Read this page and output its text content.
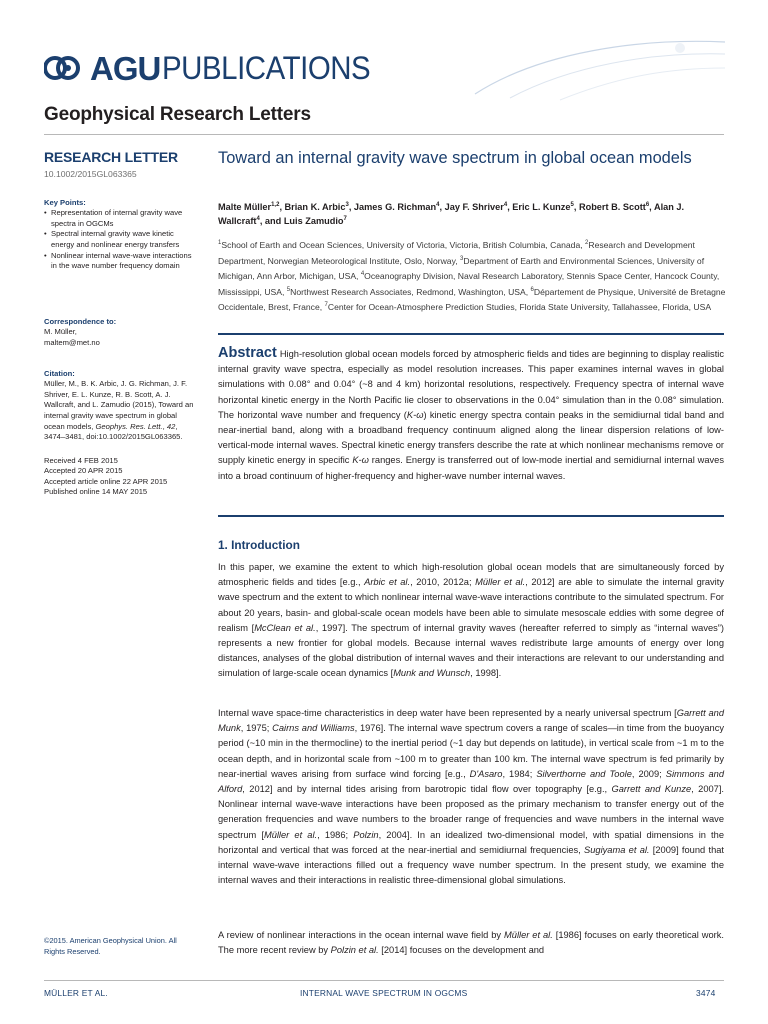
AGU PUBLICATIONS
Geophysical Research Letters
RESEARCH LETTER
10.1002/2015GL063365
Key Points:
• Representation of internal gravity wave spectra in OGCMs
• Spectral internal gravity wave kinetic energy and nonlinear energy transfers
• Nonlinear internal wave-wave interactions in the wave number frequency domain
Correspondence to:
M. Müller,
maltem@met.no
Citation:
Müller, M., B. K. Arbic, J. G. Richman, J. F. Shriver, E. L. Kunze, R. B. Scott, A. J. Wallcraft, and L. Zamudio (2015), Toward an internal gravity wave spectrum in global ocean models, Geophys. Res. Lett., 42, 3474–3481, doi:10.1002/2015GL063365.
Received 4 FEB 2015
Accepted 20 APR 2015
Accepted article online 22 APR 2015
Published online 14 MAY 2015
©2015. American Geophysical Union. All Rights Reserved.
Toward an internal gravity wave spectrum in global ocean models
Malte Müller$^{1,2}$, Brian K. Arbic$^3$, James G. Richman$^4$, Jay F. Shriver$^4$, Eric L. Kunze$^5$, Robert B. Scott$^6$, Alan J. Wallcraft$^4$, and Luis Zamudio$^7$
$^1$School of Earth and Ocean Sciences, University of Victoria, Victoria, British Columbia, Canada, $^2$Research and Development Department, Norwegian Meteorological Institute, Oslo, Norway, $^3$Department of Earth and Environmental Sciences, University of Michigan, Ann Arbor, Michigan, USA, $^4$Oceanography Division, Naval Research Laboratory, Stennis Space Center, Hancock County, Mississippi, USA, $^5$Northwest Research Associates, Redmond, Washington, USA, $^6$Département de Physique, Université de Bretagne Occidentale, Brest, France, $^7$Center for Ocean-Atmosphere Prediction Studies, Florida State University, Tallahassee, Florida, USA
Abstract High-resolution global ocean models forced by atmospheric fields and tides are beginning to display realistic internal gravity wave spectra, especially as model resolution increases. This paper examines internal waves in global simulations with 0.08° and 0.04° (~8 and 4 km) horizontal resolutions, respectively. Frequency spectra of internal wave horizontal kinetic energy in the North Pacific lie closer to observations in the 0.04° simulation than in the 0.08° simulation. The horizontal wave number and frequency (K-ω) kinetic energy spectra contain peaks in the semidiurnal tidal band and near-inertial band, along with a broadband frequency continuum aligned along the linear dispersion relations of low-vertical-mode internal waves. Spectral kinetic energy transfers describe the rate at which nonlinear mechanisms remove or supply kinetic energy in specific K-ω ranges. Energy is transferred out of low-mode inertial and semidiurnal internal waves into a broad continuum of higher-frequency and higher-wave number internal waves.
1. Introduction

In this paper, we examine the extent to which high-resolution global ocean models that are simultaneously forced by atmospheric fields and tides [e.g., Arbic et al., 2010, 2012a; Müller et al., 2012] are able to simulate the internal gravity wave spectrum and the extent to which nonlinear internal wave-wave interactions contribute to the simulated spectrum. For about 20 years, basin- and global-scale ocean models have been able to simulate mesoscale eddies with some degree of realism [McClean et al., 1997]. The spectrum of internal gravity waves (hereafter referred to simply as “internal waves”) represents a new frontier for global models. Because internal waves redistribute large amounts of energy over long distances, analyses of the global distribution of internal waves and their interactions are relevant to our understanding and simulation of large-scale ocean dynamics [Munk and Wunsch, 1998].

Internal wave space-time characteristics in deep water have been represented by a nearly universal spectrum [Garrett and Munk, 1975; Cairns and Williams, 1976]. The internal wave spectrum covers a range of scales—in time from the buoyancy period (~10 min in the thermocline) to the inertial period (~1 day but depends on latitude), in vertical scale from ~1 m to the ocean depth, and in horizontal scale from ~100 m to greater than 100 km. The internal wave spectrum is fed primarily by near-inertial waves arising from surface wind forcing [e.g., D'Asaro, 1984; Silverthorne and Toole, 2009; Simmons and Alford, 2012] and by internal tides arising from barotropic tidal flow over topography [e.g., Garrett and Kunze, 2007]. Nonlinear internal wave-wave interactions have been proposed as the primary mechanism to transfer energy out of the generation frequencies and wave numbers to the broader range of frequencies and wave numbers in the internal wave spectrum [Müller et al., 1986; Polzin, 2004]. In an idealized two-dimensional model, with spatial dimensions in the horizontal and vertical that was forced at the near-inertial and semidiurnal frequencies, Sugiyama et al. [2009] found that internal wave-wave interactions filled out a frequency wave number spectrum. In the present study, we examine the internal waves and their interactions in realistic three-dimensional global simulations.

A review of nonlinear interactions in the ocean internal wave field by Müller et al. [1986] focuses on early theoretical work. The more recent review by Polzin et al. [2014] focuses on the development and

MÜLLER ET AL.	INTERNAL WAVE SPECTRUM IN OGCMS	3474
